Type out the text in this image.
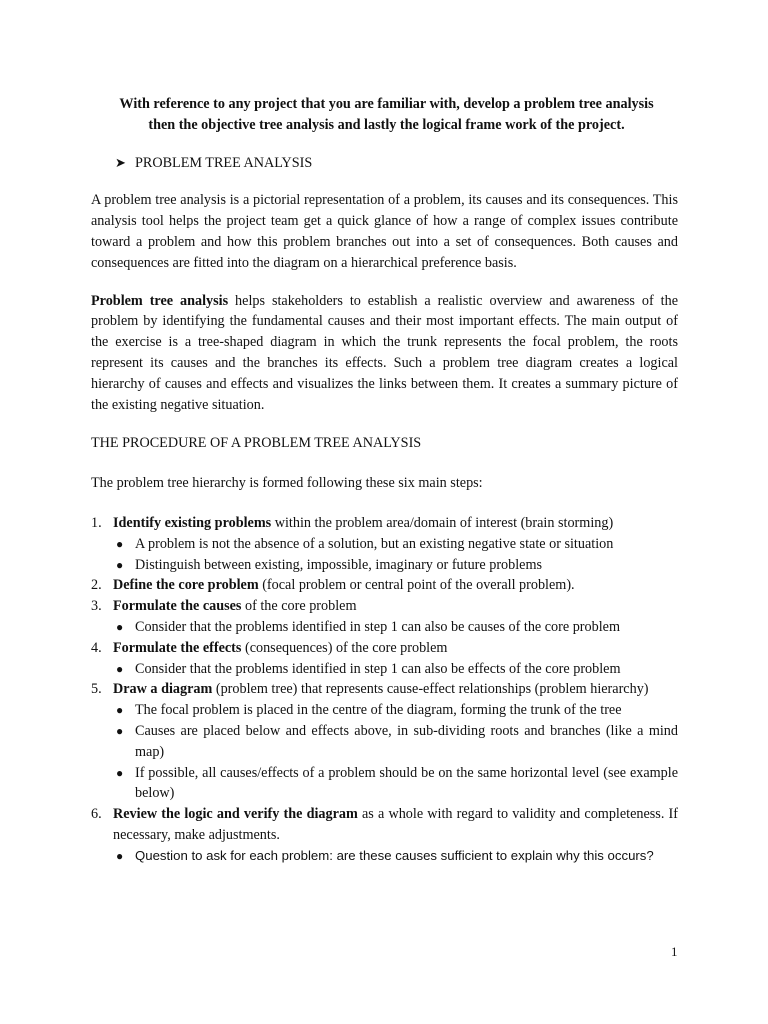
With reference to any project that you are familiar with, develop a problem tree analysis
then the objective tree analysis and lastly the logical frame work of the project.

➤ PROBLEM TREE ANALYSIS

A problem tree analysis is a pictorial representation of a problem, its causes and its consequences. This analysis tool helps the project team get a quick glance of how a range of complex issues contribute toward a problem and how this problem branches out into a set of consequences. Both causes and consequences are fitted into the diagram on a hierarchical preference basis.

Problem tree analysis helps stakeholders to establish a realistic overview and awareness of the problem by identifying the fundamental causes and their most important effects. The main output of the exercise is a tree-shaped diagram in which the trunk represents the focal problem, the roots represent its causes and the branches its effects. Such a problem tree diagram creates a logical hierarchy of causes and effects and visualizes the links between them. It creates a summary picture of the existing negative situation.

THE PROCEDURE OF A PROBLEM TREE ANALYSIS

The problem tree hierarchy is formed following these six main steps:

1. Identify existing problems within the problem area/domain of interest (brain storming)
● A problem is not the absence of a solution, but an existing negative state or situation
● Distinguish between existing, impossible, imaginary or future problems
2. Define the core problem (focal problem or central point of the overall problem).
3. Formulate the causes of the core problem
● Consider that the problems identified in step 1 can also be causes of the core problem
4. Formulate the effects (consequences) of the core problem
● Consider that the problems identified in step 1 can also be effects of the core problem
5. Draw a diagram (problem tree) that represents cause-effect relationships (problem hierarchy)
● The focal problem is placed in the centre of the diagram, forming the trunk of the tree
● Causes are placed below and effects above, in sub-dividing roots and branches (like a mind map)
● If possible, all causes/effects of a problem should be on the same horizontal level (see example below)
6. Review the logic and verify the diagram as a whole with regard to validity and completeness. If necessary, make adjustments.
● Question to ask for each problem: are these causes sufficient to explain why this occurs?
1
